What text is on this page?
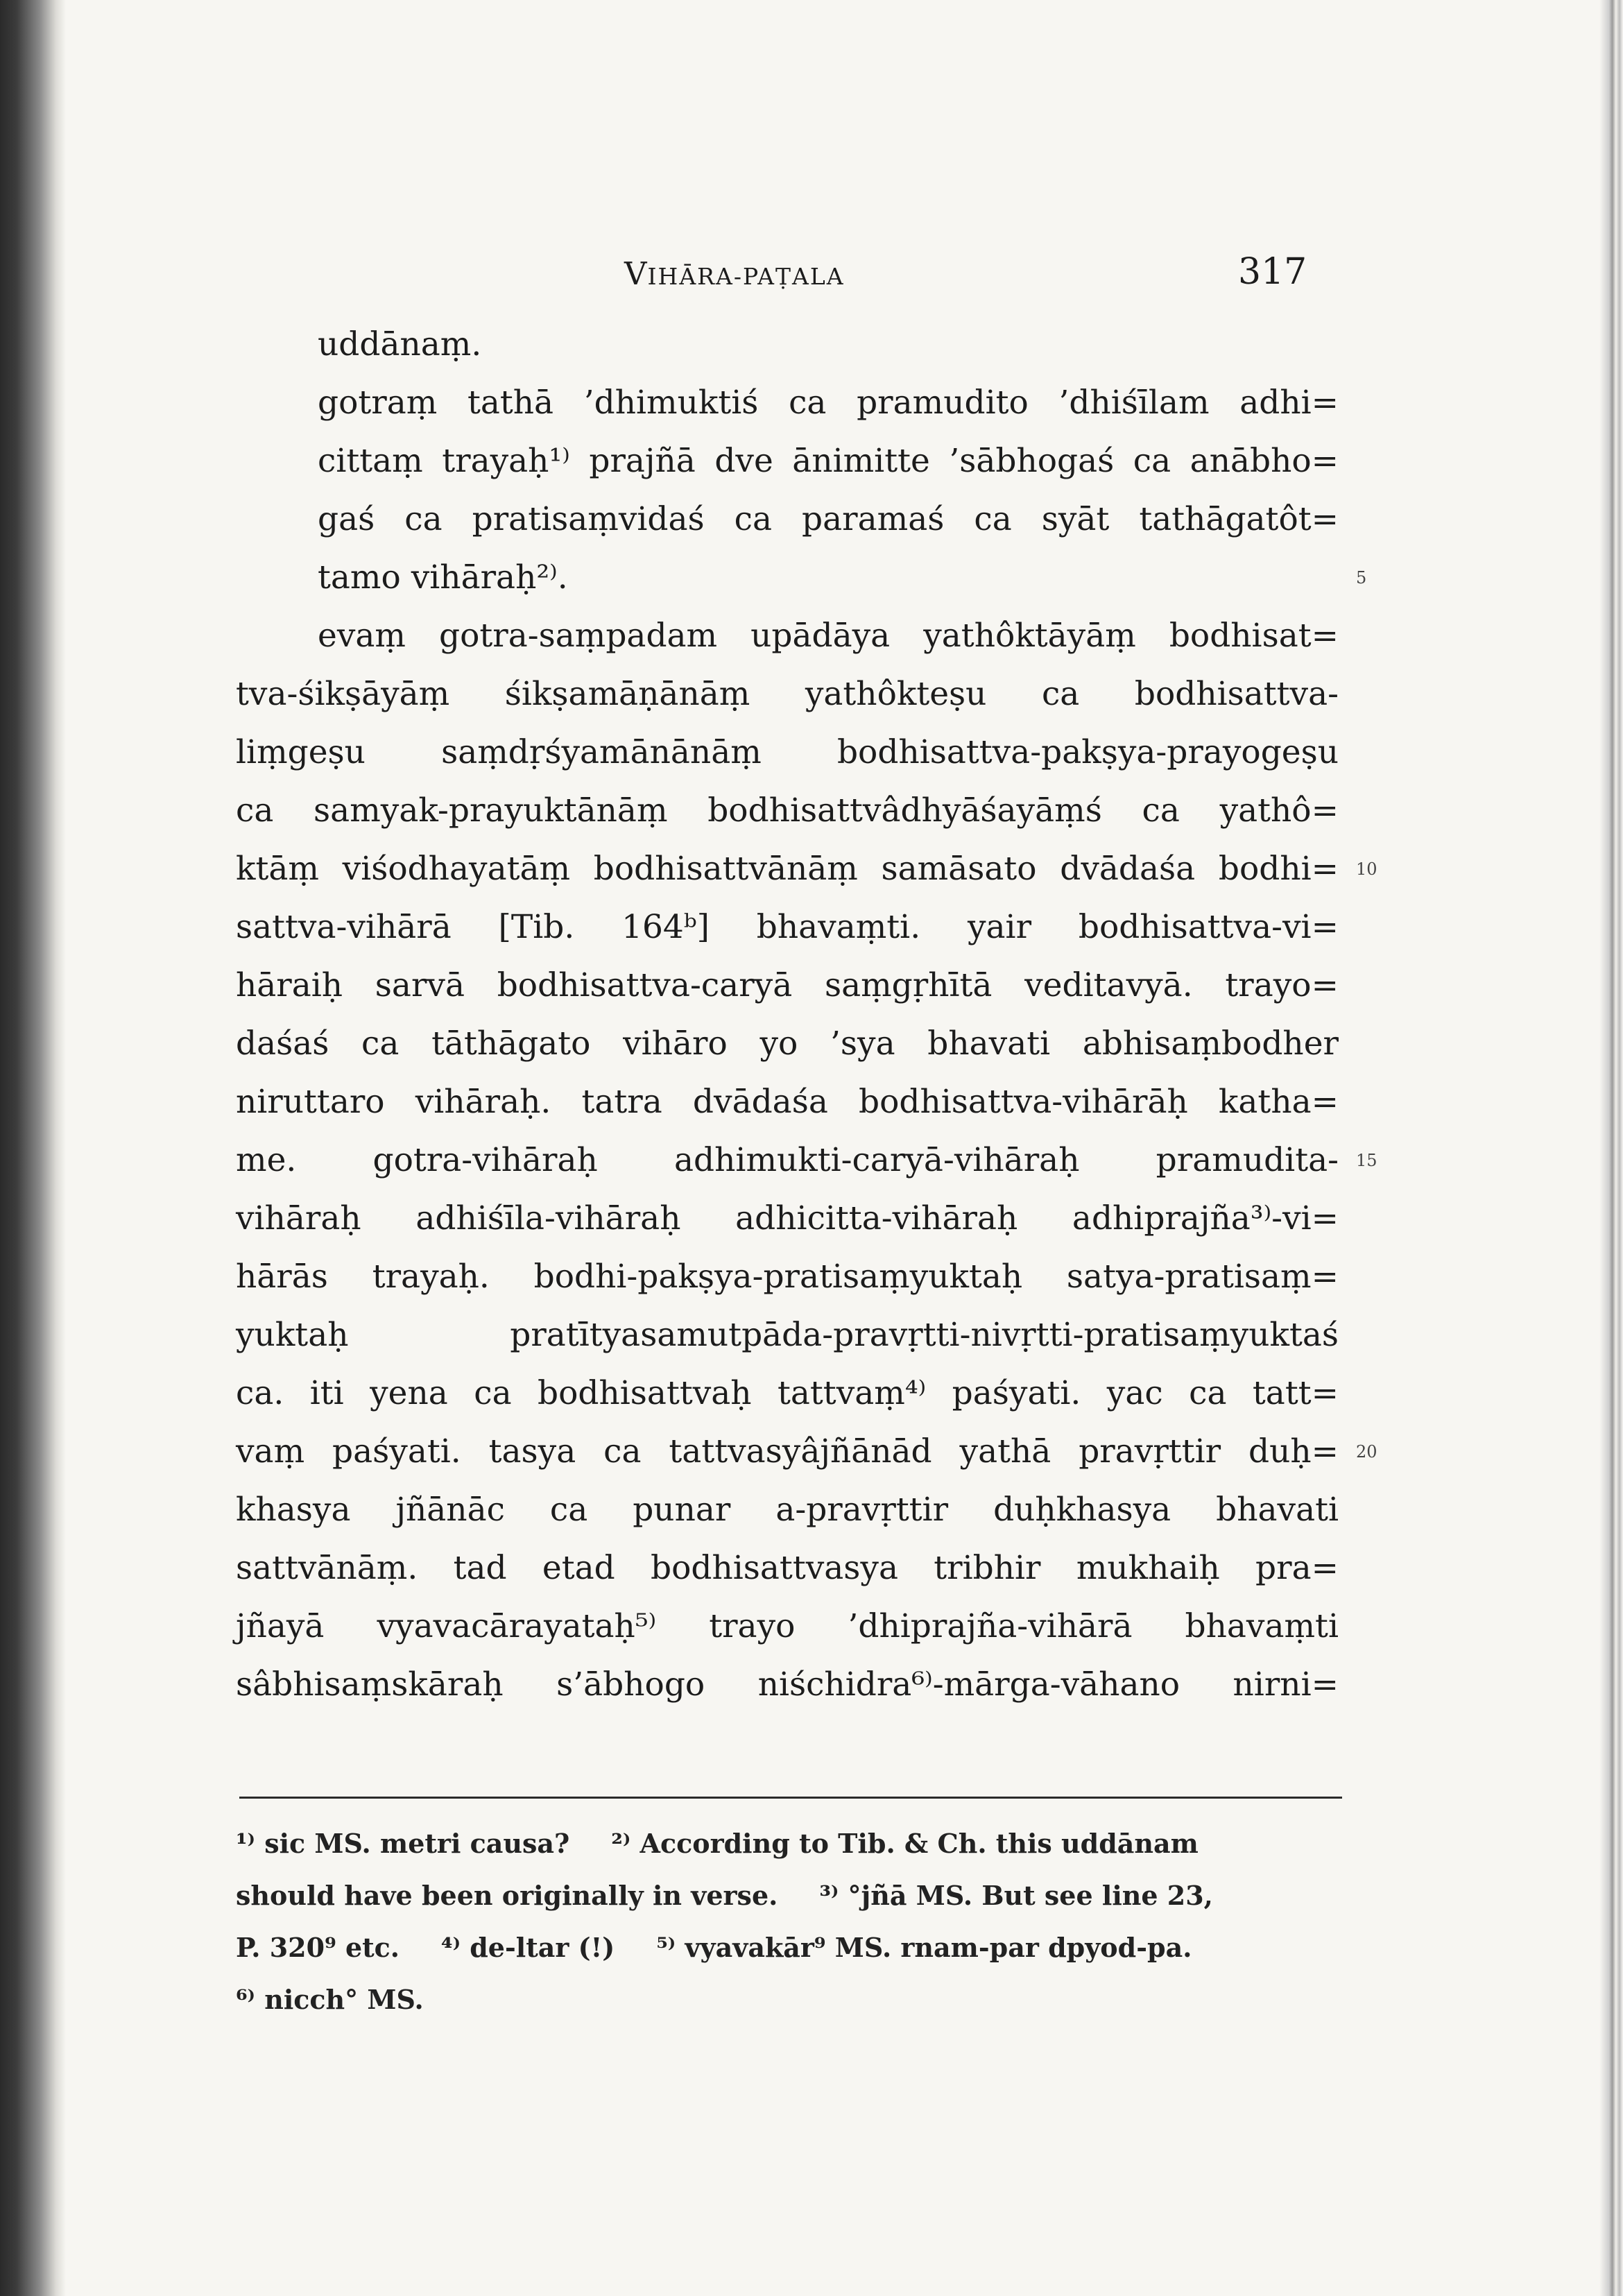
VIHĀRA-PAṬALA	317
uddānaṃ.
gotraṃ tathā ’dhimuktiś ca pramudito ’dhiśīlam adhi=
cittaṃ trayaḥ¹⁾ prajñā dve ānimitte ’sābhogaś ca anābho=
gaś ca pratisaṃvidaś ca paramaś ca syāt tathāgatôt=
tamo vihāraḥ²⁾.	5
evaṃ gotra-saṃpadam upādāya yathôktāyāṃ bodhisat=
tva-śikṣāyāṃ śikṣamāṇānāṃ yathôkteṣu ca bodhisattva-
liṃgeṣu saṃdṛśyamānānāṃ bodhisattva-pakṣya-prayogeṣu
ca samyak-prayuktānāṃ bodhisattvâdhyāśayāṃś ca yathô=
ktāṃ viśodhayatāṃ bodhisattvānāṃ samāsato dvādaśa bodhi= 10
sattva-vihārā [Tib. 164ᵇ] bhavaṃti. yair bodhisattva-vi=
hāraiḥ sarvā bodhisattva-caryā saṃgṛhītā veditavyā. trayo=
daśaś ca tāthāgato vihāro yo ’sya bhavati abhisaṃbodher
niruttaro vihāraḥ. tatra dvādaśa bodhisattva-vihārāḥ katha=
me. gotra-vihāraḥ adhimukti-caryā-vihāraḥ pramudita- 15
vihāraḥ adhiśīla-vihāraḥ adhicitta-vihāraḥ adhiprajña³⁾-vi=
hārās trayaḥ. bodhi-pakṣya-pratisaṃyuktaḥ satya-pratisaṃ=
yuktaḥ pratītyasamutpāda-pravṛtti-nivṛtti-pratisaṃyuktaś
ca. iti yena ca bodhisattvaḥ tattvaṃ⁴⁾ paśyati. yac ca tatt=
vaṃ paśyati. tasya ca tattvasyâjñānād yathā pravṛttir duḥ= 20
khasya jñānāc ca punar a-pravṛttir duḥkhasya bhavati
sattvānāṃ. tad etad bodhisattvasya tribhir mukhaiḥ pra=
jñayā vyavacārayataḥ⁵⁾ trayo ’dhiprajña-vihārā bhavaṃti
sâbhisaṃskāraḥ s’ābhogo niśchidra⁶⁾-mārga-vāhano nirni=
¹⁾ sic MS. metri causa? ²⁾ According to Tib. & Ch. this uddānam
should have been originally in verse. ³⁾ °jñā MS. But see line 23,
P. 320⁹ etc. ⁴⁾ de-ltar (!) ⁵⁾ vyavakār⁹ MS. rnam-par dpyod-pa.
⁶⁾ nicch° MS.
